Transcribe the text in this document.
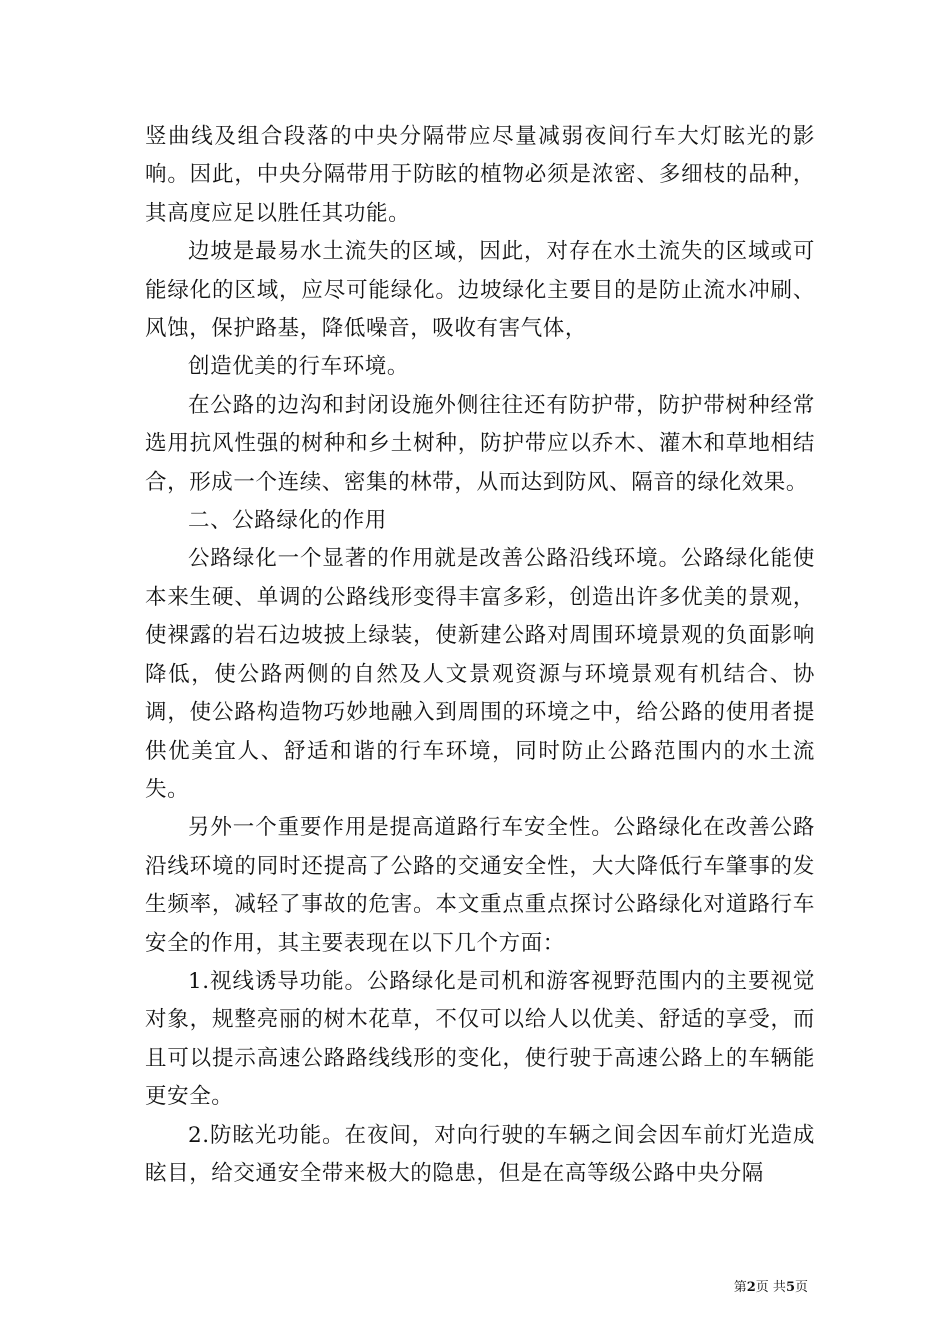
竖曲线及组合段落的中央分隔带应尽量减弱夜间行车大灯眩光的影响。因此，中央分隔带用于防眩的植物必须是浓密、多细枝的品种，其高度应足以胜任其功能。

边坡是最易水土流失的区域，因此，对存在水土流失的区域或可能绿化的区域，应尽可能绿化。边坡绿化主要目的是防止流水冲刷、风蚀，保护路基，降低噪音，吸收有害气体，

创造优美的行车环境。

在公路的边沟和封闭设施外侧往往还有防护带，防护带树种经常选用抗风性强的树种和乡土树种，防护带应以乔木、灌木和草地相结合，形成一个连续、密集的林带，从而达到防风、隔音的绿化效果。

二、公路绿化的作用

公路绿化一个显著的作用就是改善公路沿线环境。公路绿化能使本来生硬、单调的公路线形变得丰富多彩，创造出许多优美的景观，使裸露的岩石边坡披上绿装，使新建公路对周围环境景观的负面影响降低，使公路两侧的自然及人文景观资源与环境景观有机结合、协调，使公路构造物巧妙地融入到周围的环境之中，给公路的使用者提供优美宜人、舒适和谐的行车环境，同时防止公路范围内的水土流失。

另外一个重要作用是提高道路行车安全性。公路绿化在改善公路沿线环境的同时还提高了公路的交通安全性，大大降低行车肇事的发生频率，减轻了事故的危害。本文重点重点探讨公路绿化对道路行车安全的作用，其主要表现在以下几个方面：

1.视线诱导功能。公路绿化是司机和游客视野范围内的主要视觉对象，规整亮丽的树木花草，不仅可以给人以优美、舒适的享受，而且可以提示高速公路路线线形的变化，使行驶于高速公路上的车辆能更安全。

2.防眩光功能。在夜间，对向行驶的车辆之间会因车前灯光造成眩目，给交通安全带来极大的隐患，但是在高等级公路中央分隔

第2页 共5页
